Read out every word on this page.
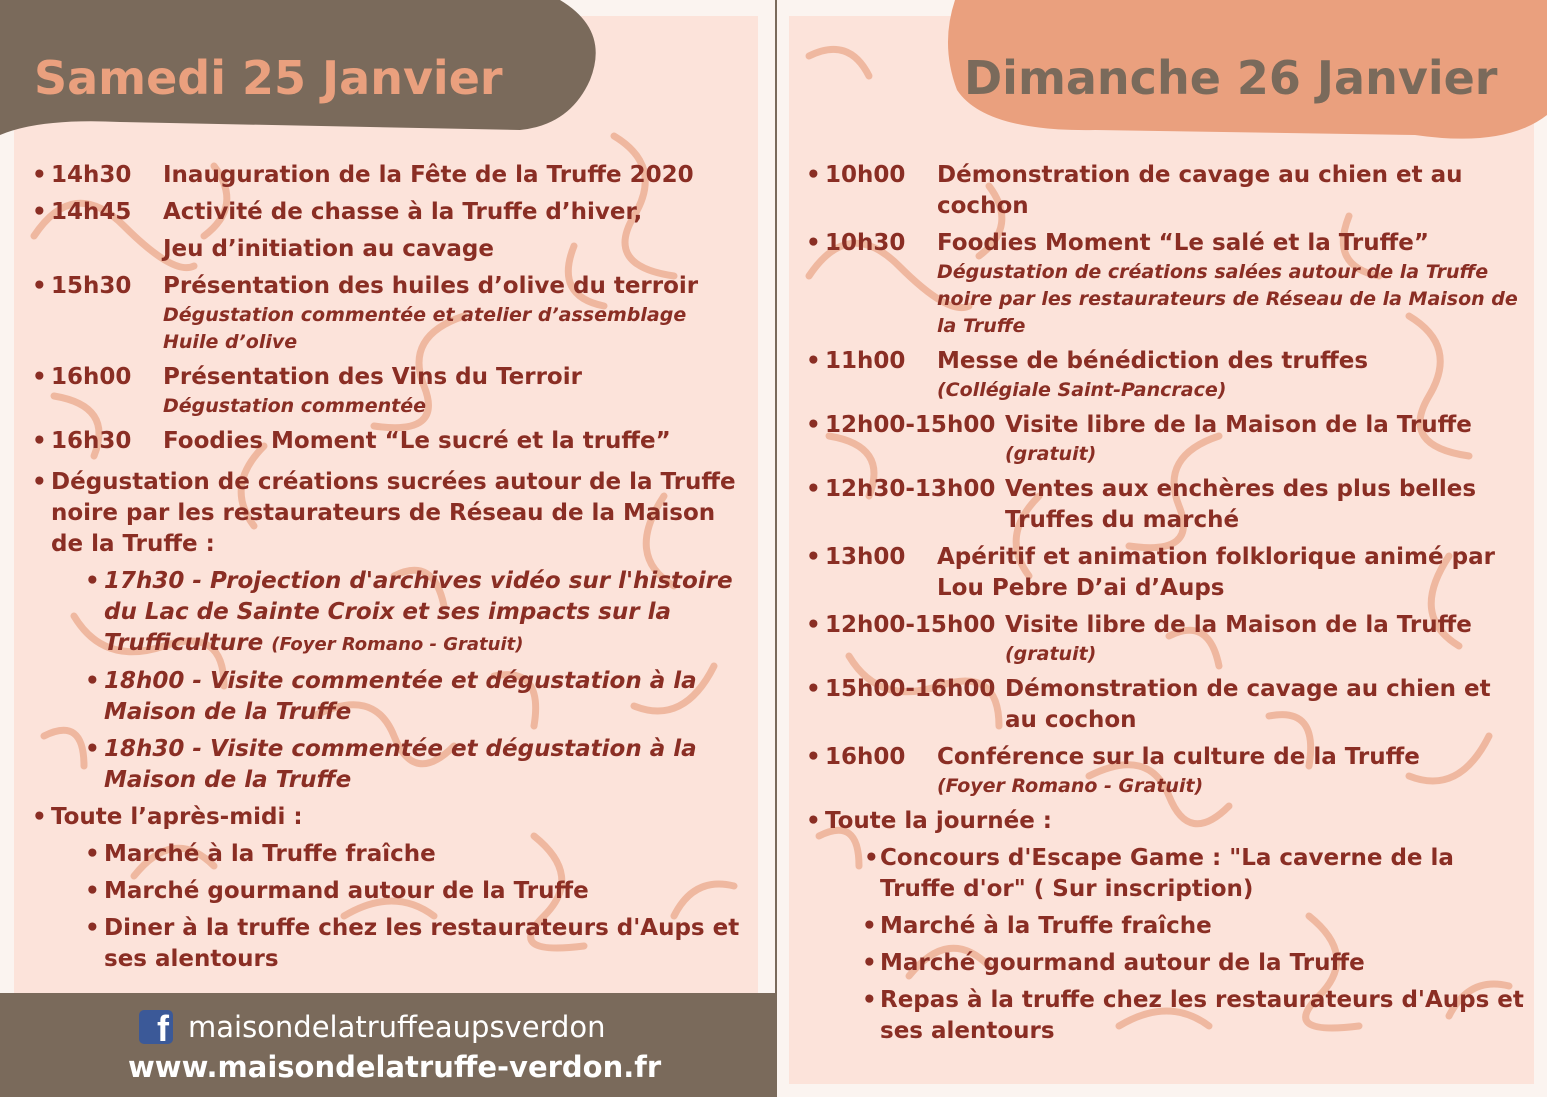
Samedi 25 Janvier	Dimanche 26 Janvier
• 14h30 Inauguration de la Fête de la Truffe 2020
• 14h45 Activité de chasse à la Truffe d’hiver,
Jeu d’initiation au cavage
• 15h30 Présentation des huiles d’olive du terroir
Dégustation commentée et atelier d’assemblage
Huile d’olive
• 16h00 Présentation des Vins du Terroir
Dégustation commentée
• 16h30 Foodies Moment “Le sucré et la truffe”
• Dégustation de créations sucrées autour de la Truffe noire par les restaurateurs de Réseau de la Maison de la Truffe :
• 17h30 - Projection d'archives vidéo sur l'histoire du Lac de Sainte Croix et ses impacts sur la Trufficulture (Foyer Romano - Gratuit)
• 18h00 - Visite commentée et dégustation à la Maison de la Truffe
• 18h30 - Visite commentée et dégustation à la Maison de la Truffe
• Toute l’après-midi :
• Marché à la Truffe fraîche
• Marché gourmand autour de la Truffe
• Diner à la truffe chez les restaurateurs d'Aups et ses alentours
• 10h00 Démonstration de cavage au chien et au cochon
• 10h30 Foodies Moment “Le salé et la Truffe”
Dégustation de créations salées autour de la Truffe noire par les restaurateurs de Réseau de la Maison de la Truffe
• 11h00 Messe de bénédiction des truffes
(Collégiale Saint-Pancrace)
• 12h00-15h00 Visite libre de la Maison de la Truffe
(gratuit)
• 12h30-13h00 Ventes aux enchères des plus belles Truffes du marché
• 13h00 Apéritif et animation folklorique animé par Lou Pebre D’ai d’Aups
• 12h00-15h00 Visite libre de la Maison de la Truffe
(gratuit)
• 15h00-16h00 Démonstration de cavage au chien et au cochon
• 16h00 Conférence sur la culture de la Truffe
(Foyer Romano - Gratuit)
• Toute la journée :
• Concours d'Escape Game : "La caverne de la Truffe d'or" ( Sur inscription)
• Marché à la Truffe fraîche
• Marché gourmand autour de la Truffe
• Repas à la truffe chez les restaurateurs d'Aups et ses alentours
f maisondelatruffeaupsverdon
www.maisondelatruffe-verdon.fr
